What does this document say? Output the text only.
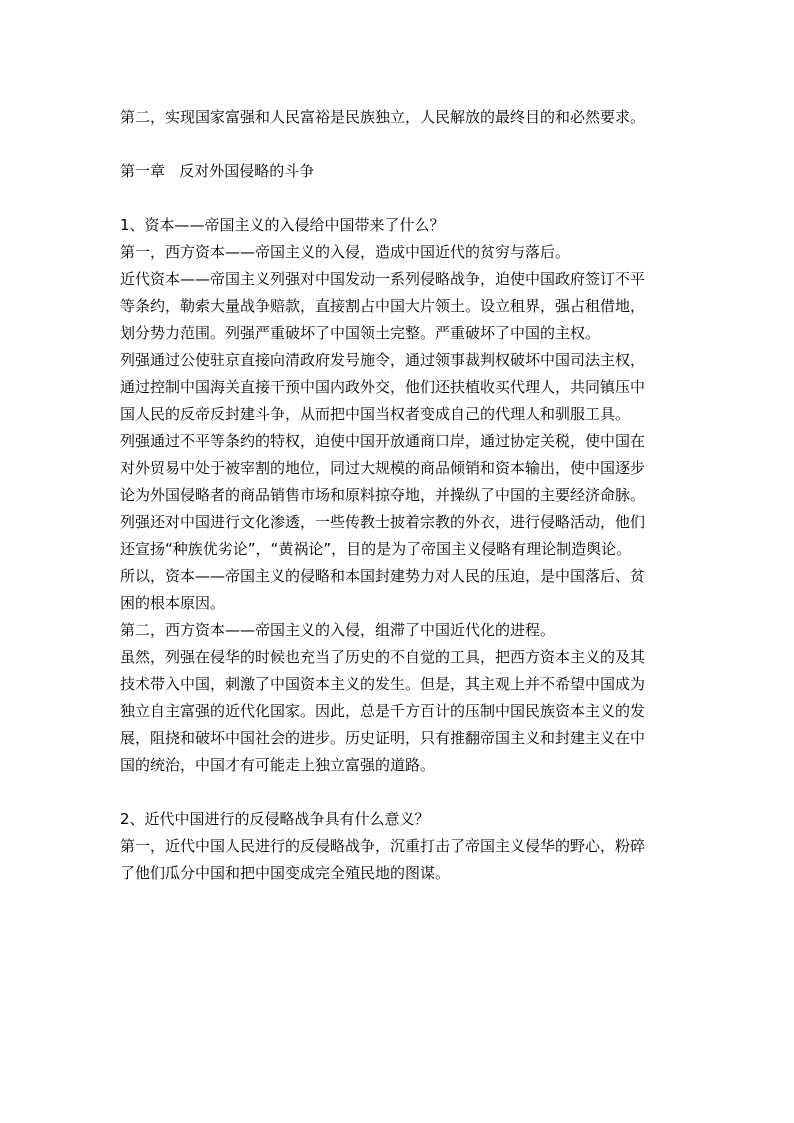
第二，实现国家富强和人民富裕是民族独立，人民解放的最终目的和必然要求。
第一章   反对外国侵略的斗争
1、资本——帝国主义的入侵给中国带来了什么？
第一，西方资本——帝国主义的入侵，造成中国近代的贫穷与落后。
近代资本——帝国主义列强对中国发动一系列侵略战争，迫使中国政府签订不平
等条约，勒索大量战争赔款，直接割占中国大片领土。设立租界，强占租借地，
划分势力范围。列强严重破坏了中国领土完整。严重破坏了中国的主权。
列强通过公使驻京直接向清政府发号施令，通过领事裁判权破坏中国司法主权，
通过控制中国海关直接干预中国内政外交，他们还扶植收买代理人，共同镇压中
国人民的反帝反封建斗争，从而把中国当权者变成自己的代理人和驯服工具。
列强通过不平等条约的特权，迫使中国开放通商口岸，通过协定关税，使中国在
对外贸易中处于被宰割的地位，同过大规模的商品倾销和资本输出，使中国逐步
论为外国侵略者的商品销售市场和原料掠夺地，并操纵了中国的主要经济命脉。
列强还对中国进行文化渗透，一些传教士披着宗教的外衣，进行侵略活动，他们
还宣扬“种族优劣论”，“黄祸论”，目的是为了帝国主义侵略有理论制造舆论。
所以，资本——帝国主义的侵略和本国封建势力对人民的压迫，是中国落后、贫
困的根本原因。
第二，西方资本——帝国主义的入侵，组滞了中国近代化的进程。
虽然，列强在侵华的时候也充当了历史的不自觉的工具，把西方资本主义的及其
技术带入中国，刺激了中国资本主义的发生。但是，其主观上并不希望中国成为
独立自主富强的近代化国家。因此，总是千方百计的压制中国民族资本主义的发
展，阻挠和破坏中国社会的进步。历史证明，只有推翻帝国主义和封建主义在中
国的统治，中国才有可能走上独立富强的道路。
2、近代中国进行的反侵略战争具有什么意义？
第一，近代中国人民进行的反侵略战争，沉重打击了帝国主义侵华的野心，粉碎
了他们瓜分中国和把中国变成完全殖民地的图谋。
